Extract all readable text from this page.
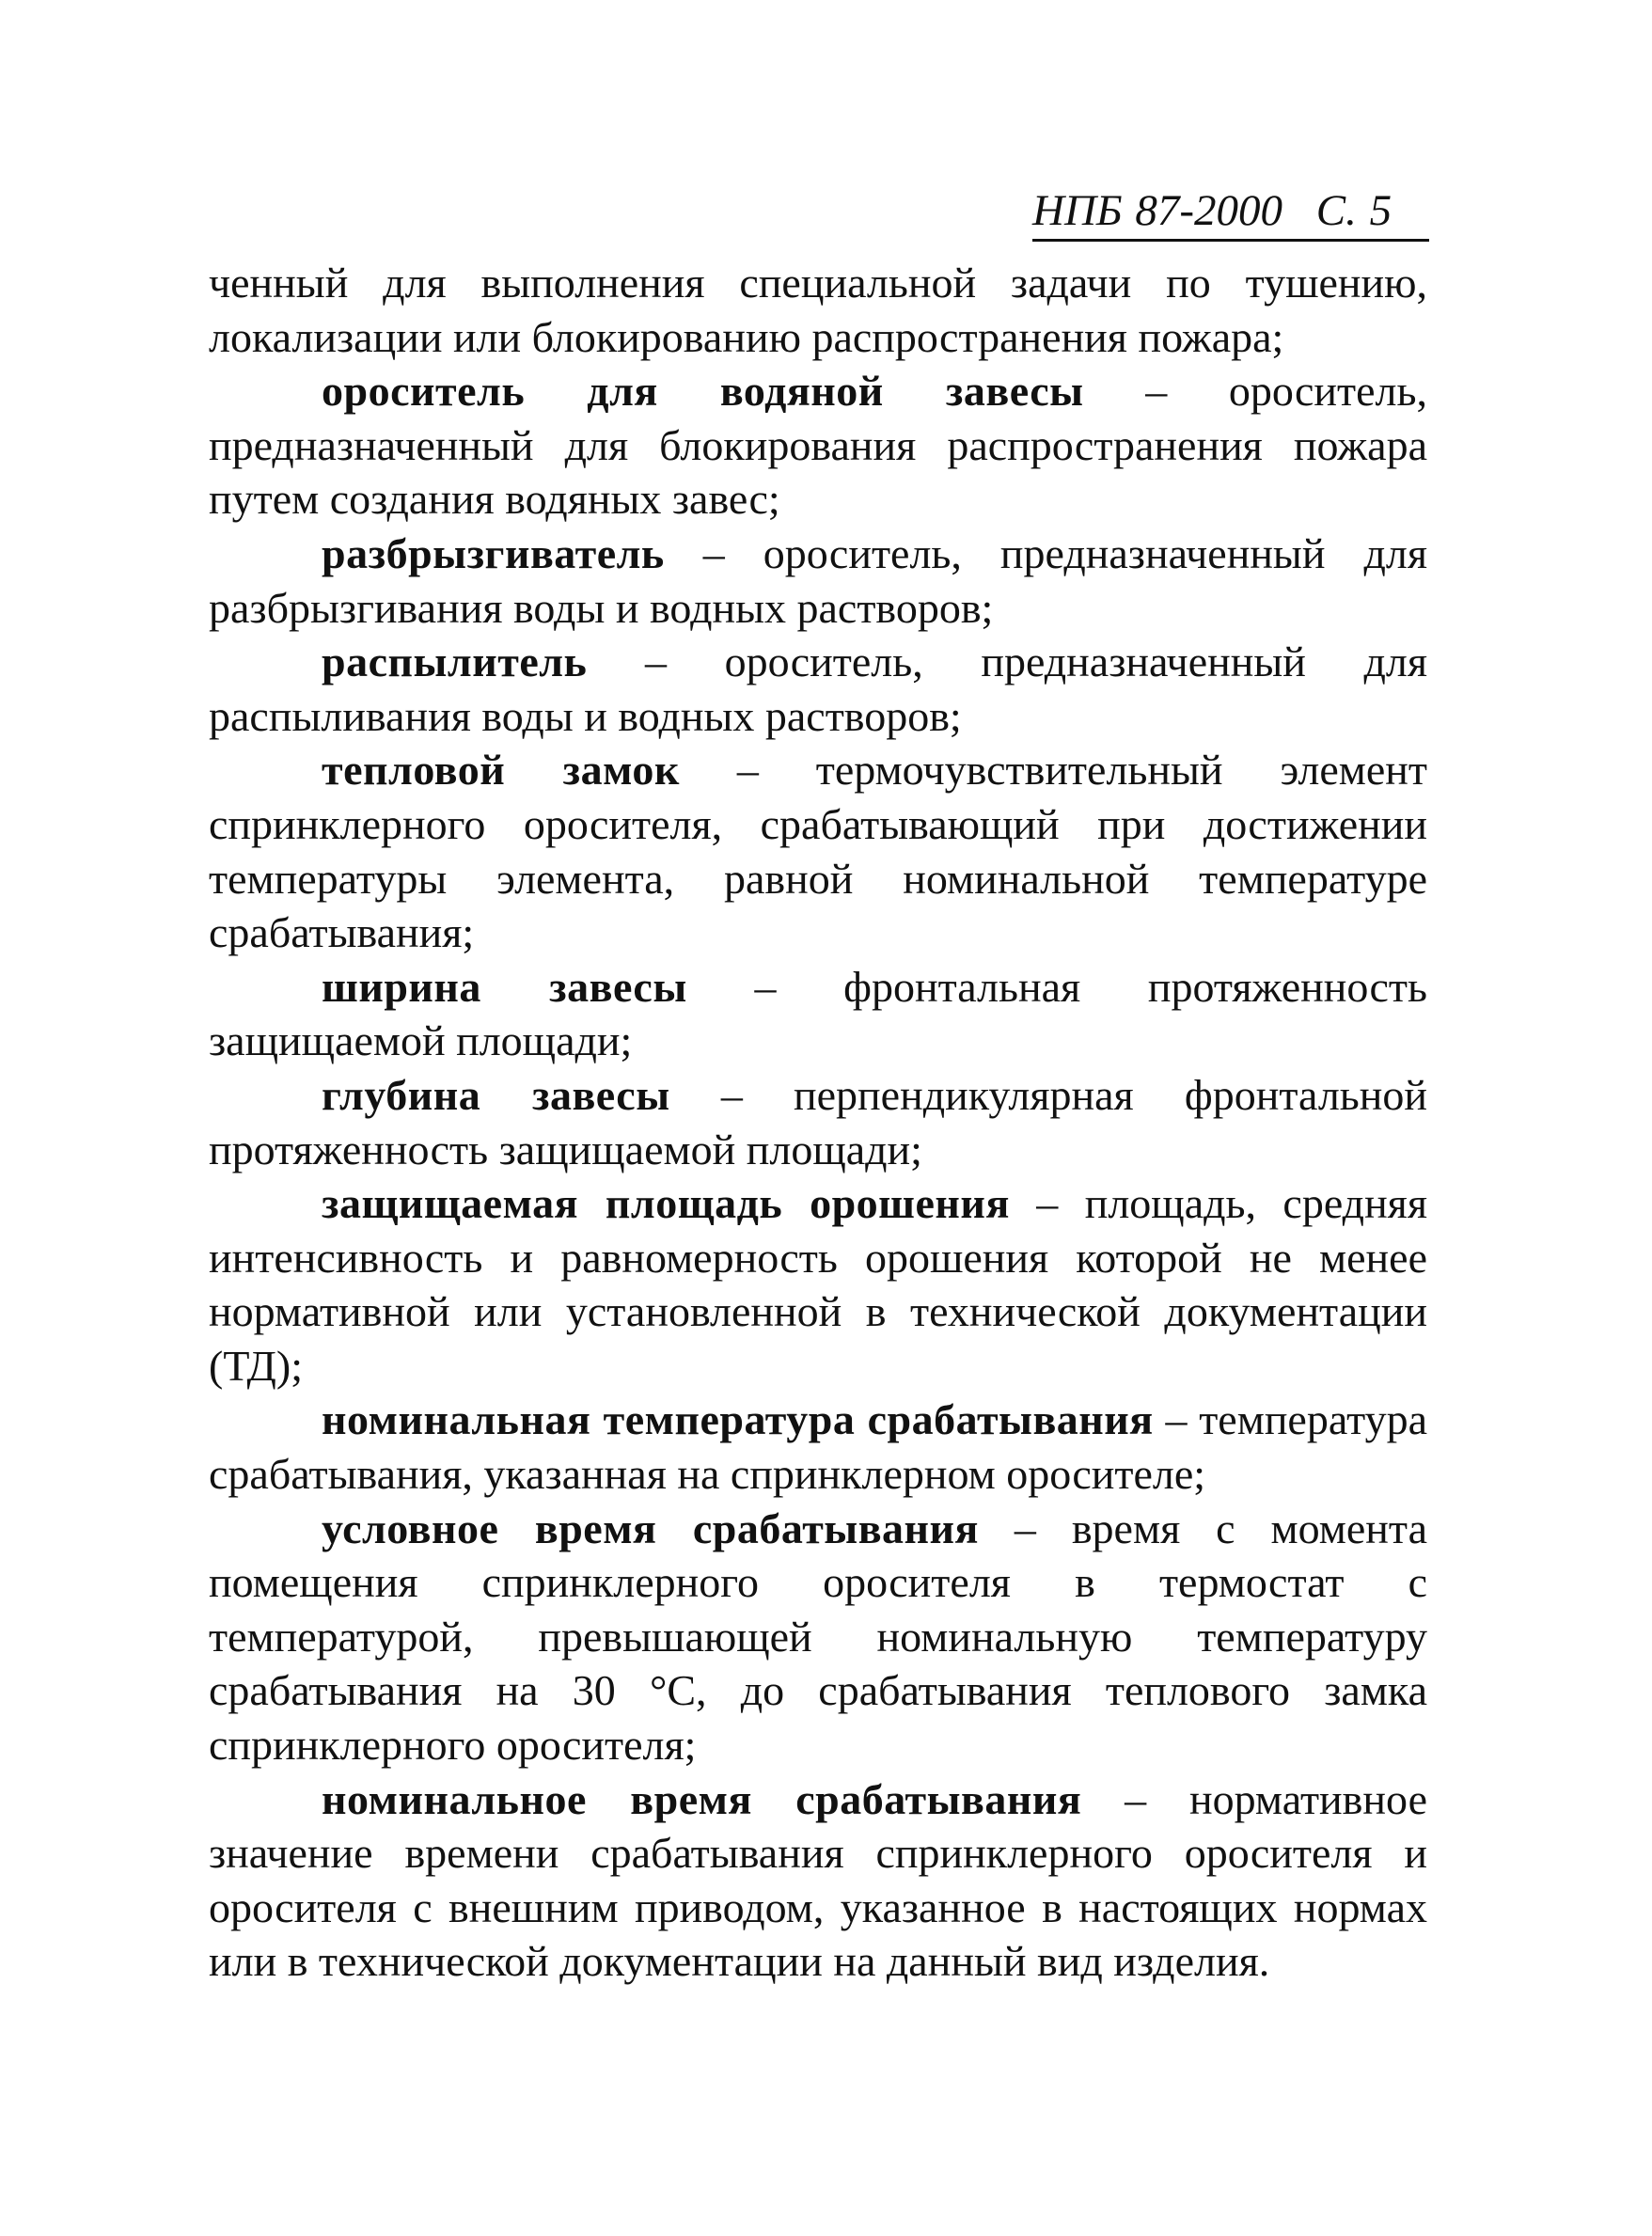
НПБ 87-2000 С. 5

ченный для выполнения специальной задачи по тушению, локализации или блокированию распространения пожара;

ороситель для водяной завесы – ороситель, предназначенный для блокирования распространения пожара путем создания водяных завес;

разбрызгиватель – ороситель, предназначенный для разбрызгивания воды и водных растворов;

распылитель – ороситель, предназначенный для распыливания воды и водных растворов;

тепловой замок – термочувствительный элемент спринклерного оросителя, срабатывающий при достижении температуры элемента, равной номинальной температуре срабатывания;

ширина завесы – фронтальная протяженность защищаемой площади;

глубина завесы – перпендикулярная фронтальной протяженность защищаемой площади;

защищаемая площадь орошения – площадь, средняя интенсивность и равномерность орошения которой не менее нормативной или установленной в технической документации (ТД);

номинальная температура срабатывания – температура срабатывания, указанная на спринклерном оросителе;

условное время срабатывания – время с момента помещения спринклерного оросителя в термостат с температурой, превышающей номинальную температуру срабатывания на 30 °С, до срабатывания теплового замка спринклерного оросителя;

номинальное время срабатывания – нормативное значение времени срабатывания спринклерного оросителя и оросителя с внешним приводом, указанное в настоящих нормах или в технической документации на данный вид изделия.
